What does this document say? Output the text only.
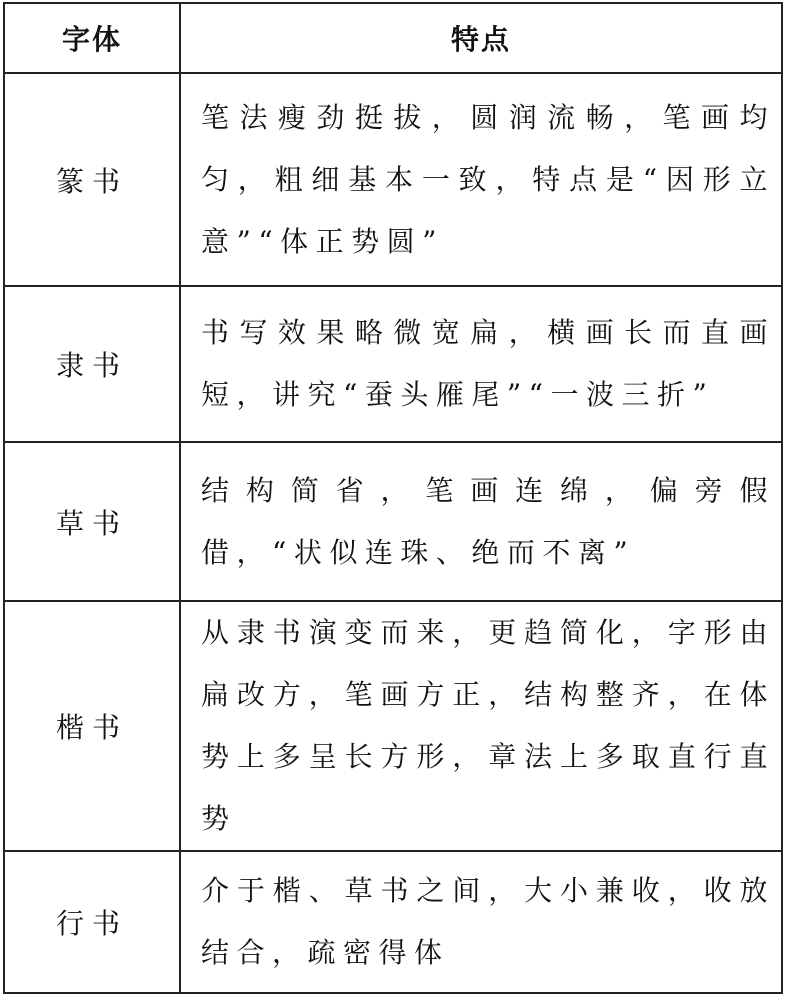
字体	特点
篆书	笔法瘦劲挺拔，圆润流畅，笔画均匀，粗细基本一致，特点是“因形立意”“体正势圆”
隶书	书写效果略微宽扁，横画长而直画短，讲究“蚕头雁尾”“一波三折”
草书	结构简省，笔画连绵，偏旁假借，“状似连珠、绝而不离”
楷书	从隶书演变而来，更趋简化，字形由扁改方，笔画方正，结构整齐，在体势上多呈长方形，章法上多取直行直势
行书	介于楷、草书之间，大小兼收，收放结合，疏密得体
